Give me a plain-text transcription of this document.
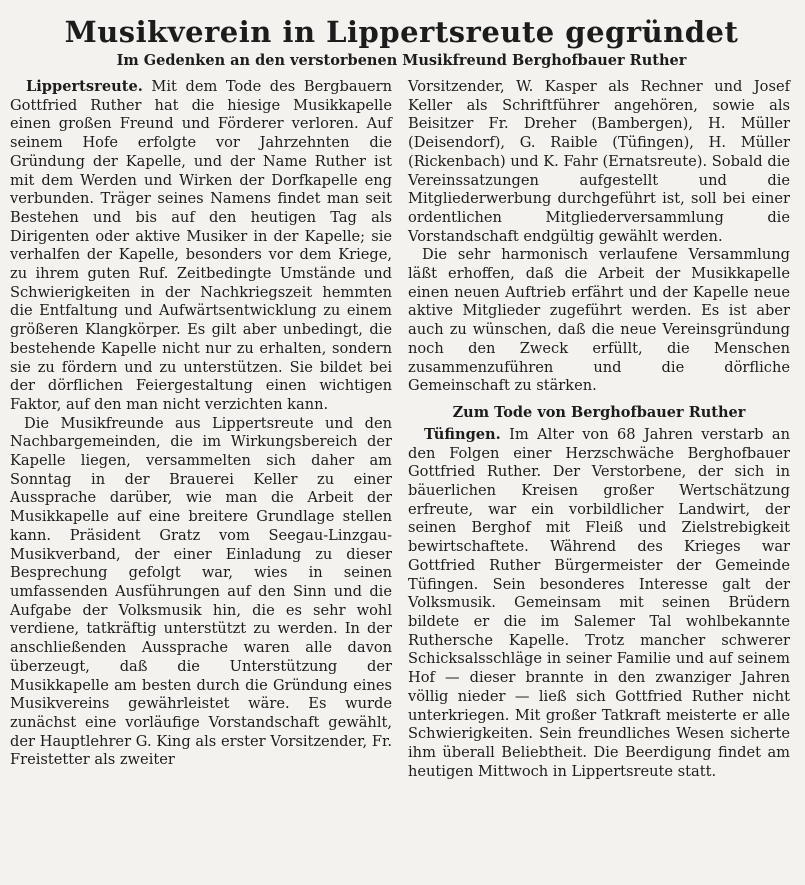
Musikverein in Lippertsreute gegründet
Im Gedenken an den verstorbenen Musikfreund Berghofbauer Ruther

Lippertsreute. Mit dem Tode des Bergbauern Gottfried Ruther hat die hiesige Musikkapelle einen großen Freund und Förderer verloren. Auf seinem Hofe erfolgte vor Jahrzehnten die Gründung der Kapelle, und der Name Ruther ist mit dem Werden und Wirken der Dorfkapelle eng verbunden. Träger seines Namens findet man seit Bestehen und bis auf den heutigen Tag als Dirigenten oder aktive Musiker in der Kapelle; sie verhalfen der Kapelle, besonders vor dem Kriege, zu ihrem guten Ruf. Zeitbedingte Umstände und Schwierigkeiten in der Nachkriegszeit hemmten die Entfaltung und Aufwärtsentwicklung zu einem größeren Klangkörper. Es gilt aber unbedingt, die bestehende Kapelle nicht nur zu erhalten, sondern sie zu fördern und zu unterstützen. Sie bildet bei der dörflichen Feiergestaltung einen wichtigen Faktor, auf den man nicht verzichten kann.

Die Musikfreunde aus Lippertsreute und den Nachbargemeinden, die im Wirkungsbereich der Kapelle liegen, versammelten sich daher am Sonntag in der Brauerei Keller zu einer Aussprache darüber, wie man die Arbeit der Musikkapelle auf eine breitere Grundlage stellen kann. Präsident Gratz vom Seegau-Linzgau-Musikverband, der einer Einladung zu dieser Besprechung gefolgt war, wies in seinen umfassenden Ausführungen auf den Sinn und die Aufgabe der Volksmusik hin, die es sehr wohl verdiene, tatkräftig unterstützt zu werden. In der anschließenden Aussprache waren alle davon überzeugt, daß die Unterstützung der Musikkapelle am besten durch die Gründung eines Musikvereins gewährleistet wäre. Es wurde zunächst eine vorläufige Vorstandschaft gewählt, der Hauptlehrer G. King als erster Vorsitzender, Fr. Freistetter als zweiter

Vorsitzender, W. Kasper als Rechner und Josef Keller als Schriftführer angehören, sowie als Beisitzer Fr. Dreher (Bambergen), H. Müller (Deisendorf), G. Raible (Tüfingen), H. Müller (Rickenbach) und K. Fahr (Ernatsreute). Sobald die Vereinssatzungen aufgestellt und die Mitgliederwerbung durchgeführt ist, soll bei einer ordentlichen Mitgliederversammlung die Vorstandschaft endgültig gewählt werden.

Die sehr harmonisch verlaufene Versammlung läßt erhoffen, daß die Arbeit der Musikkapelle einen neuen Auftrieb erfährt und der Kapelle neue aktive Mitglieder zugeführt werden. Es ist aber auch zu wünschen, daß die neue Vereinsgründung noch den Zweck erfüllt, die Menschen zusammenzuführen und die dörfliche Gemeinschaft zu stärken.

Zum Tode von Berghofbauer Ruther

Tüfingen. Im Alter von 68 Jahren verstarb an den Folgen einer Herzschwäche Berghofbauer Gottfried Ruther. Der Verstorbene, der sich in bäuerlichen Kreisen großer Wertschätzung erfreute, war ein vorbildlicher Landwirt, der seinen Berghof mit Fleiß und Zielstrebigkeit bewirtschaftete. Während des Krieges war Gottfried Ruther Bürgermeister der Gemeinde Tüfingen. Sein besonderes Interesse galt der Volksmusik. Gemeinsam mit seinen Brüdern bildete er die im Salemer Tal wohlbekannte Ruthersche Kapelle. Trotz mancher schwerer Schicksalsschläge in seiner Familie und auf seinem Hof — dieser brannte in den zwanziger Jahren völlig nieder — ließ sich Gottfried Ruther nicht unterkriegen. Mit großer Tatkraft meisterte er alle Schwierigkeiten. Sein freundliches Wesen sicherte ihm überall Beliebtheit. Die Beerdigung findet am heutigen Mittwoch in Lippertsreute statt.
